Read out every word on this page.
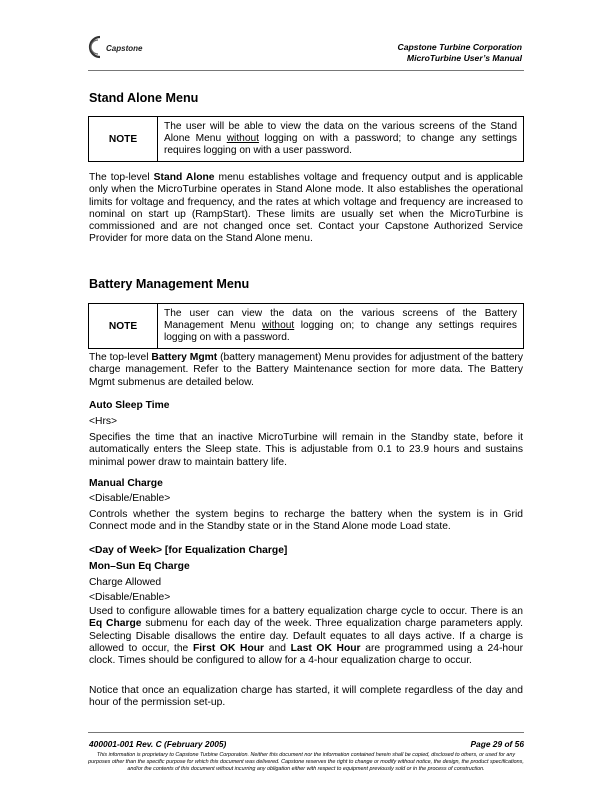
Capstone	Capstone Turbine Corporation
MicroTurbine User’s Manual
Stand Alone Menu
NOTE	The user will be able to view the data on the various screens of the Stand Alone Menu without logging on with a password; to change any settings requires logging on with a user password.

The top-level Stand Alone menu establishes voltage and frequency output and is applicable only when the MicroTurbine operates in Stand Alone mode. It also establishes the operational limits for voltage and frequency, and the rates at which voltage and frequency are increased to nominal on start up (RampStart). These limits are usually set when the MicroTurbine is commissioned and are not changed once set. Contact your Capstone Authorized Service Provider for more data on the Stand Alone menu.

Battery Management Menu
NOTE	The user can view the data on the various screens of the Battery Management Menu without logging on; to change any settings requires logging on with a password.

The top-level Battery Mgmt (battery management) Menu provides for adjustment of the battery charge management. Refer to the Battery Maintenance section for more data. The Battery Mgmt submenus are detailed below.

Auto Sleep Time

<Hrs>

Specifies the time that an inactive MicroTurbine will remain in the Standby state, before it automatically enters the Sleep state. This is adjustable from 0.1 to 23.9 hours and sustains minimal power draw to maintain battery life.

Manual Charge

<Disable/Enable>

Controls whether the system begins to recharge the battery when the system is in Grid Connect mode and in the Standby state or in the Stand Alone mode Load state.

<Day of Week> [for Equalization Charge]

Mon–Sun Eq Charge

Charge Allowed

<Disable/Enable>

Used to configure allowable times for a battery equalization charge cycle to occur. There is an Eq Charge submenu for each day of the week. Three equalization charge parameters apply. Selecting Disable disallows the entire day. Default equates to all days active. If a charge is allowed to occur, the First OK Hour and Last OK Hour are programmed using a 24-hour clock. Times should be configured to allow for a 4-hour equalization charge to occur.

Notice that once an equalization charge has started, it will complete regardless of the day and hour of the permission set-up.

400001-001 Rev. C (February 2005)	Page 29 of 56
This information is proprietary to Capstone Turbine Corporation. Neither this document nor the information contained herein shall be copied, disclosed to others, or used for any purposes other than the specific purpose for which this document was delivered. Capstone reserves the right to change or modify without notice, the design, the product specifications, and/or the contents of this document without incurring any obligation either with respect to equipment previously sold or in the process of construction.
